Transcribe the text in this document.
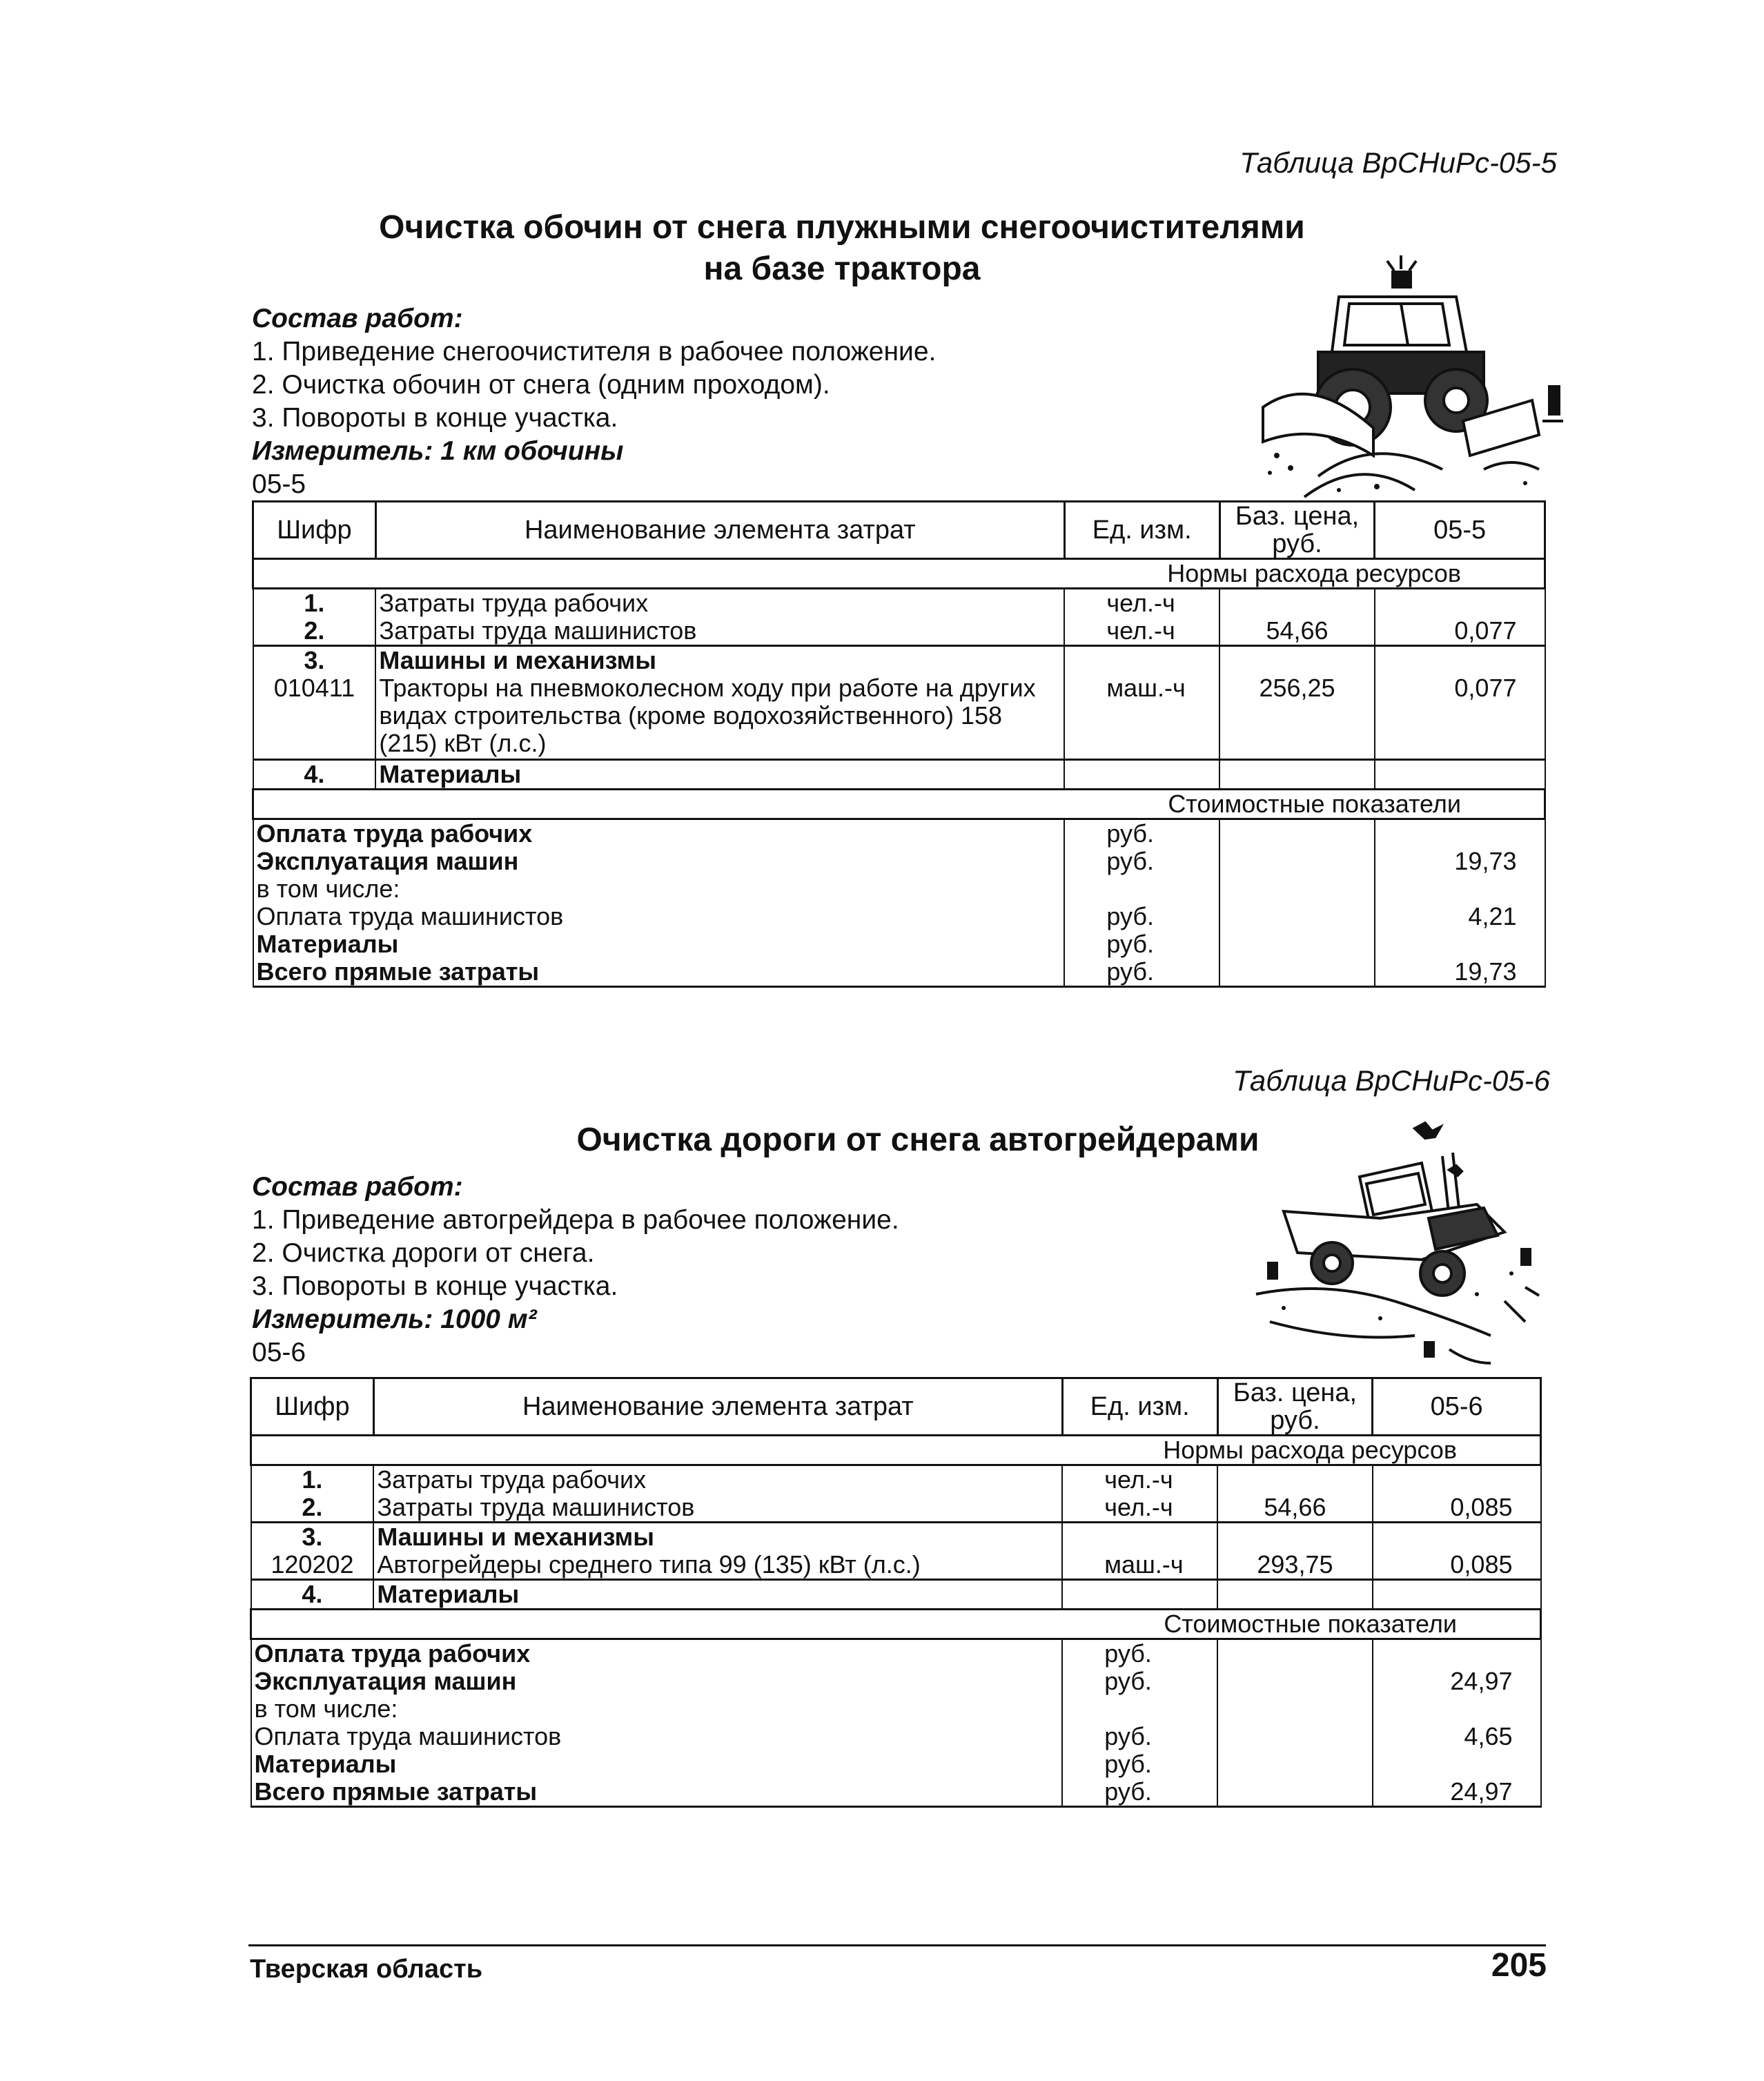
Таблица ВрСНиРс-05-5
Очистка обочин от снега плужными снегоочистителями
на базе трактора
Состав работ:
1. Приведение снегоочистителя в рабочее положение.
2. Очистка обочин от снега (одним проходом).
3. Повороты в конце участка.
Измеритель: 1 км обочины
05-5
Шифр	Наименование элемента затрат	Ед. изм.	Баз. цена, руб.	05-5
Нормы расхода ресурсов				
1.	Затраты труда рабочих	чел.-ч		
2.	Затраты труда машинистов	чел.-ч	54,66	0,077
3.	Машины и механизмы			
010411	Тракторы на пневмоколесном ходу при работе на других видах строительства (кроме водохозяйственного) 158 (215) кВт (л.с.)	маш.-ч	256,25	0,077
4.	Материалы			
Стоимостные показатели				
Оплата труда рабочих		руб.		
Эксплуатация машин		руб.		19,73
в том числе:				
Оплата труда машинистов		руб.		4,21
Материалы		руб.		
Всего прямые затраты		руб.		19,73
Таблица ВрСНиРс-05-6
Очистка дороги от снега автогрейдерами
Состав работ:
1. Приведение автогрейдера в рабочее положение.
2. Очистка дороги от снега.
3. Повороты в конце участка.
Измеритель: 1000 м²
05-6
Шифр	Наименование элемента затрат	Ед. изм.	Баз. цена, руб.	05-6
Нормы расхода ресурсов				
1.	Затраты труда рабочих	чел.-ч		
2.	Затраты труда машинистов	чел.-ч	54,66	0,085
3.	Машины и механизмы			
120202	Автогрейдеры среднего типа 99 (135) кВт (л.с.)	маш.-ч	293,75	0,085
4.	Материалы			
Стоимостные показатели				
Оплата труда рабочих		руб.		
Эксплуатация машин		руб.		24,97
в том числе:				
Оплата труда машинистов		руб.		4,65
Материалы		руб.		
Всего прямые затраты		руб.		24,97
Тверская область	205
